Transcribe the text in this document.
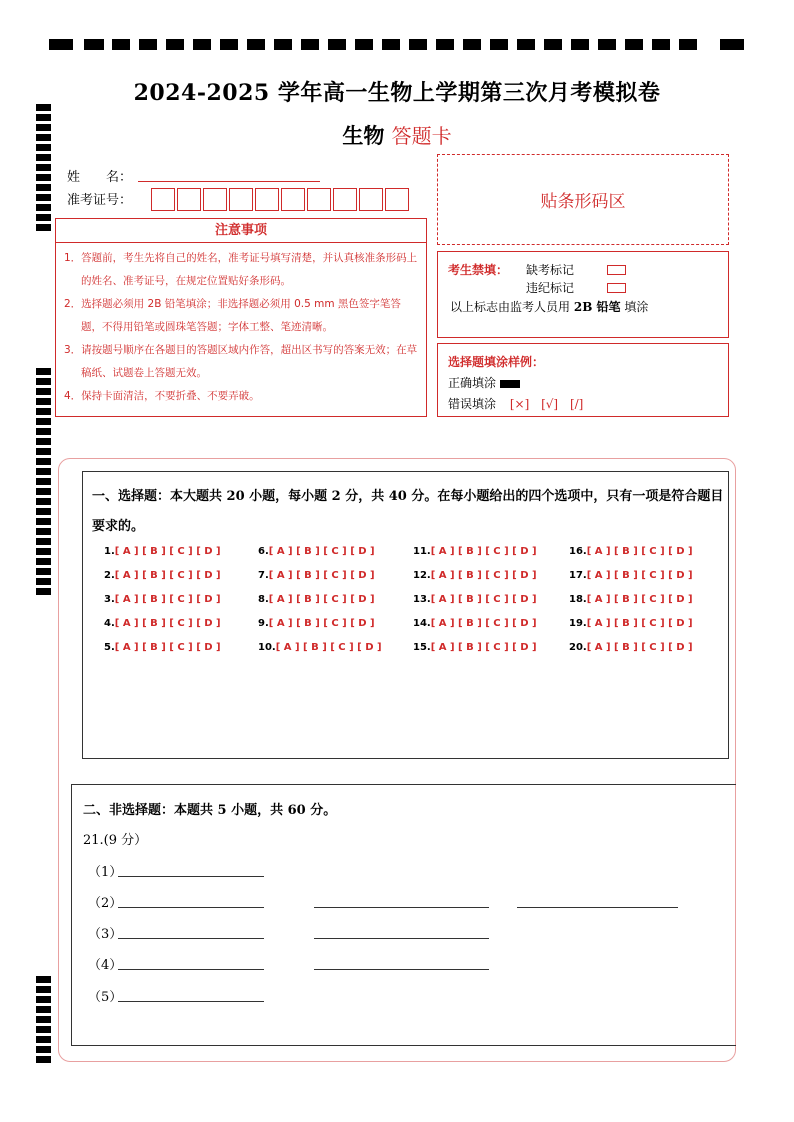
2024-2025 学年高一生物上学期第三次月考模拟卷
生物 答题卡
姓　　名：
准考证号：
注意事项
1．答题前，考生先将自己的姓名，准考证号填写清楚，并认真核准条形码上的姓名、准考证号，在规定位置贴好条形码。
2．选择题必须用 2B 铅笔填涂；非选择题必须用 0.5 mm 黑色签字笔答题，不得用铅笔或圆珠笔答题；字体工整、笔迹清晰。
3．请按题号顺序在各题目的答题区域内作答，超出区书写的答案无效；在草稿纸、试题卷上答题无效。
4．保持卡面清洁，不要折叠、不要弄破。
贴条形码区
考生禁填： 缺考标记
违纪标记
以上标志由监考人员用 2B 铅笔 填涂
选择题填涂样例：
正确填涂
错误填涂 [×] [√] [/]
一、选择题：本大题共 20 小题，每小题 2 分，共 40 分。在每小题给出的四个选项中，只有一项是符合题目要求的。
1.[ A ] [ B ] [ C ] [ D ]
2.[ A ] [ B ] [ C ] [ D ]
3.[ A ] [ B ] [ C ] [ D ]
4.[ A ] [ B ] [ C ] [ D ]
5.[ A ] [ B ] [ C ] [ D ]
6.[ A ] [ B ] [ C ] [ D ]
7.[ A ] [ B ] [ C ] [ D ]
8.[ A ] [ B ] [ C ] [ D ]
9.[ A ] [ B ] [ C ] [ D ]
10.[ A ] [ B ] [ C ] [ D ]
11.[ A ] [ B ] [ C ] [ D ]
12.[ A ] [ B ] [ C ] [ D ]
13.[ A ] [ B ] [ C ] [ D ]
14.[ A ] [ B ] [ C ] [ D ]
15.[ A ] [ B ] [ C ] [ D ]
16.[ A ] [ B ] [ C ] [ D ]
17.[ A ] [ B ] [ C ] [ D ]
18.[ A ] [ B ] [ C ] [ D ]
19.[ A ] [ B ] [ C ] [ D ]
20.[ A ] [ B ] [ C ] [ D ]
二、非选择题：本题共 5 小题，共 60 分。
21.(9 分）
（1）
（2）
（3）
（4）
（5）
